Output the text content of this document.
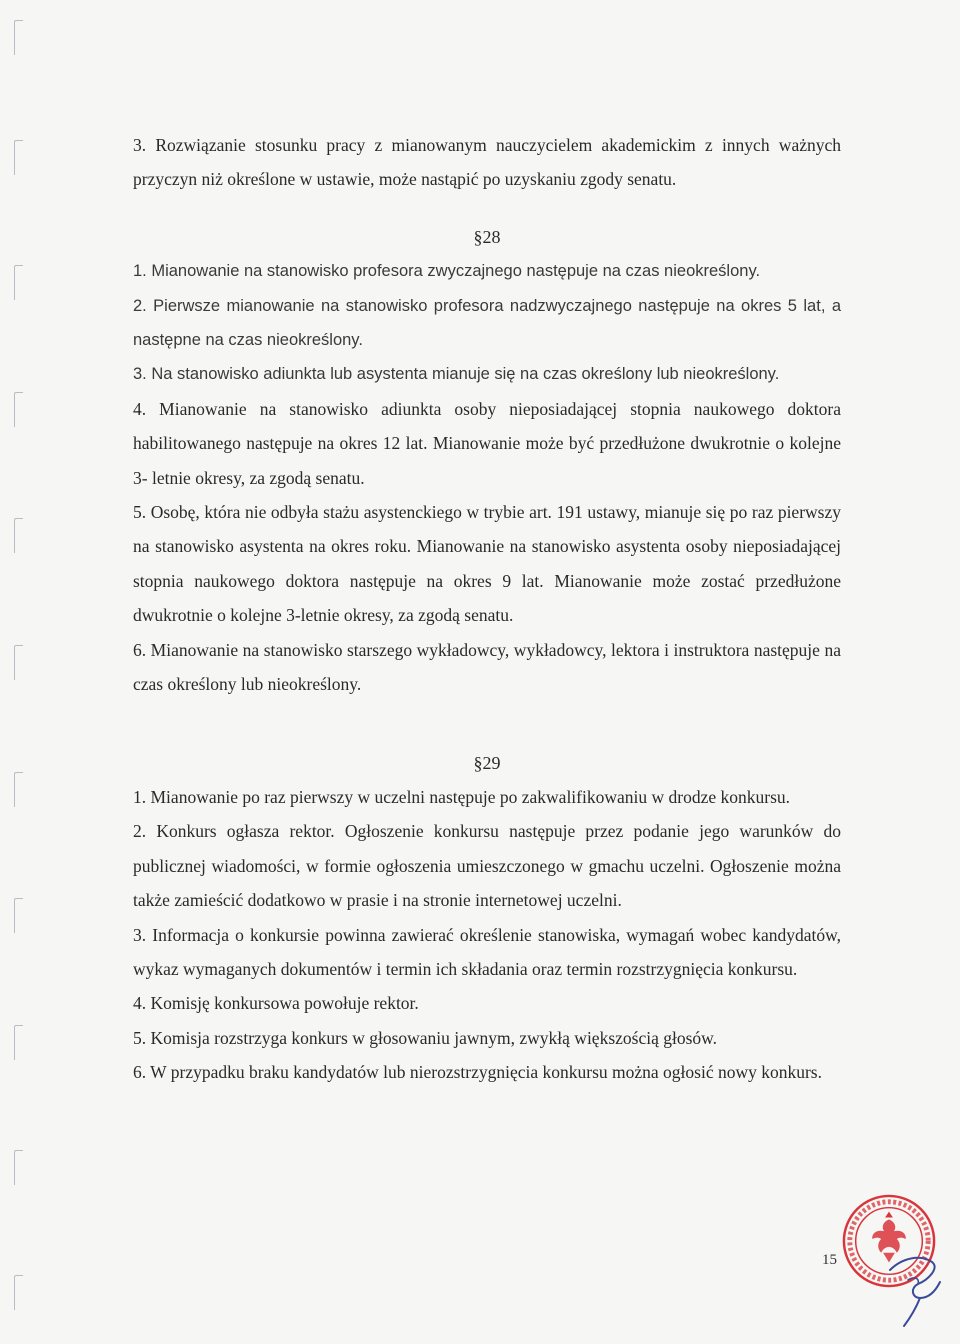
3. Rozwiązanie stosunku pracy z mianowanym nauczycielem akademickim z innych ważnych przyczyn niż określone w ustawie, może nastąpić po uzyskaniu zgody senatu.

§28

1. Mianowanie na stanowisko profesora zwyczajnego następuje na czas nieokreślony.

2. Pierwsze mianowanie na stanowisko profesora nadzwyczajnego następuje na okres 5 lat, a następne na czas nieokreślony.

3. Na stanowisko adiunkta lub asystenta mianuje się na czas określony lub nieokreślony.

4. Mianowanie na stanowisko adiunkta osoby nieposiadającej stopnia naukowego doktora habilitowanego następuje na okres 12 lat. Mianowanie może być przedłużone dwukrotnie o kolejne 3- letnie okresy, za zgodą senatu.

5. Osobę, która nie odbyła stażu asystenckiego w trybie art. 191 ustawy, mianuje się po raz pierwszy na stanowisko asystenta na okres roku. Mianowanie na stanowisko asystenta osoby nieposiadającej stopnia naukowego doktora następuje na okres 9 lat. Mianowanie może zostać przedłużone dwukrotnie o kolejne 3-letnie okresy, za zgodą senatu.

6. Mianowanie na stanowisko starszego wykładowcy, wykładowcy, lektora i instruktora następuje na czas określony lub nieokreślony.

§29

1. Mianowanie po raz pierwszy w uczelni następuje po zakwalifikowaniu w drodze konkursu.

2. Konkurs ogłasza rektor. Ogłoszenie konkursu następuje przez podanie jego warunków do publicznej wiadomości, w formie ogłoszenia umieszczonego w gmachu uczelni. Ogłoszenie można także zamieścić dodatkowo w prasie i na stronie internetowej uczelni.

3. Informacja o konkursie powinna zawierać określenie stanowiska, wymagań wobec kandydatów, wykaz wymaganych dokumentów i termin ich składania oraz termin rozstrzygnięcia konkursu.

4. Komisję konkursowa powołuje rektor.

5. Komisja rozstrzyga konkurs w głosowaniu jawnym, zwykłą większością głosów.

6. W przypadku braku kandydatów lub nierozstrzygnięcia konkursu można ogłosić nowy konkurs.

15
